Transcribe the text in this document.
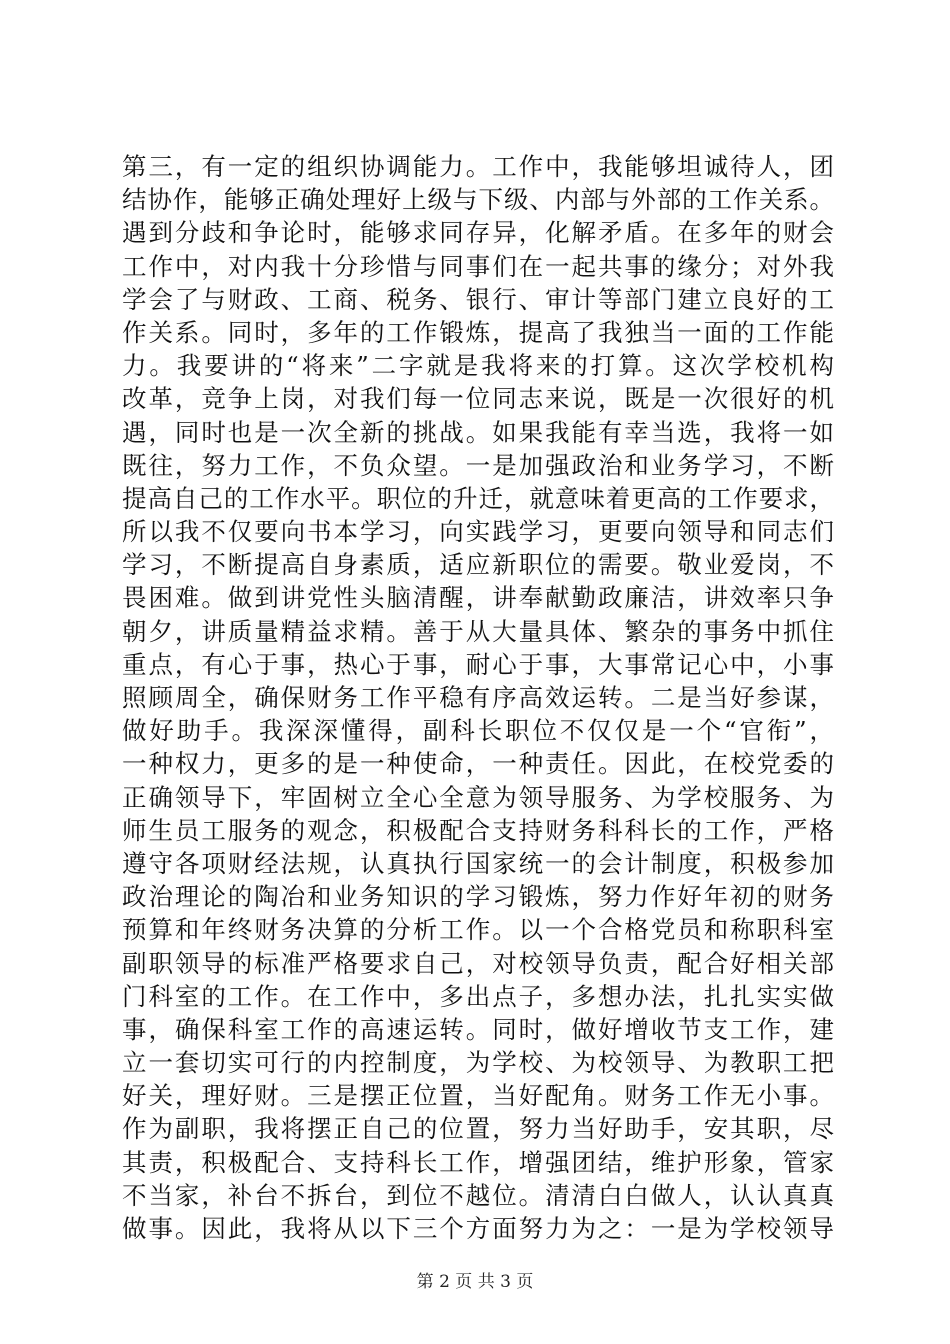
第三，有一定的组织协调能力。工作中，我能够坦诚待人，团
结协作，能够正确处理好上级与下级、内部与外部的工作关系。
遇到分歧和争论时，能够求同存异，化解矛盾。在多年的财会
工作中，对内我十分珍惜与同事们在一起共事的缘分；对外我
学会了与财政、工商、税务、银行、审计等部门建立良好的工
作关系。同时，多年的工作锻炼，提高了我独当一面的工作能
力。我要讲的“将来”二字就是我将来的打算。这次学校机构
改革，竞争上岗，对我们每一位同志来说，既是一次很好的机
遇，同时也是一次全新的挑战。如果我能有幸当选，我将一如
既往，努力工作，不负众望。一是加强政治和业务学习，不断
提高自己的工作水平。职位的升迁，就意味着更高的工作要求，
所以我不仅要向书本学习，向实践学习，更要向领导和同志们
学习，不断提高自身素质，适应新职位的需要。敬业爱岗，不
畏困难。做到讲党性头脑清醒，讲奉献勤政廉洁，讲效率只争
朝夕，讲质量精益求精。善于从大量具体、繁杂的事务中抓住
重点，有心于事，热心于事，耐心于事，大事常记心中，小事
照顾周全，确保财务工作平稳有序高效运转。二是当好参谋，
做好助手。我深深懂得，副科长职位不仅仅是一个“官衔”，
一种权力，更多的是一种使命，一种责任。因此，在校党委的
正确领导下，牢固树立全心全意为领导服务、为学校服务、为
师生员工服务的观念，积极配合支持财务科科长的工作，严格
遵守各项财经法规，认真执行国家统一的会计制度，积极参加
政治理论的陶冶和业务知识的学习锻炼，努力作好年初的财务
预算和年终财务决算的分析工作。以一个合格党员和称职科室
副职领导的标准严格要求自己，对校领导负责，配合好相关部
门科室的工作。在工作中，多出点子，多想办法，扎扎实实做
事，确保科室工作的高速运转。同时，做好增收节支工作，建
立一套切实可行的内控制度，为学校、为校领导、为教职工把
好关，理好财。三是摆正位置，当好配角。财务工作无小事。
作为副职，我将摆正自己的位置，努力当好助手，安其职，尽
其责，积极配合、支持科长工作，增强团结，维护形象，管家
不当家，补台不拆台，到位不越位。清清白白做人，认认真真
做事。因此，我将从以下三个方面努力为之：一是为学校领导
第 2 页 共 3 页
